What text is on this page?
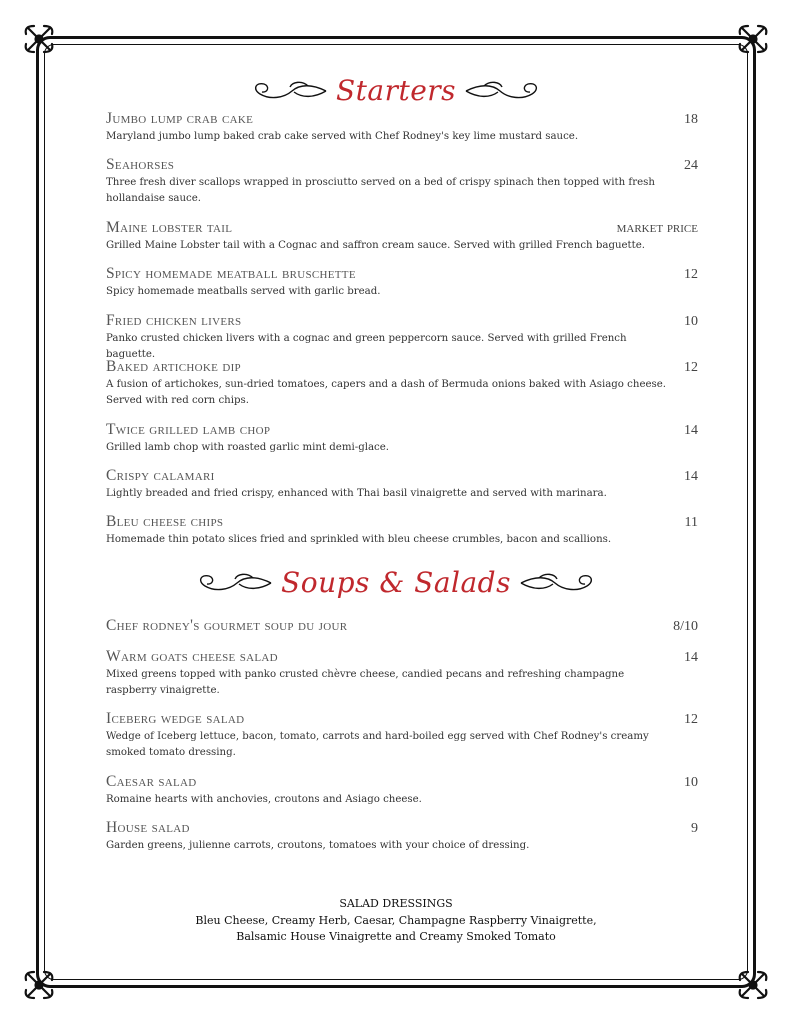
Starters
Jumbo lump crab cake	18
Maryland jumbo lump baked crab cake served with Chef Rodney's key lime mustard sauce.
Seahorses	24
Three fresh diver scallops wrapped in prosciutto served on a bed of crispy spinach then topped with fresh hollandaise sauce.
Maine lobster tail	market price
Grilled Maine Lobster tail with a Cognac and saffron cream sauce. Served with grilled French baguette.
Spicy homemade meatball bruschette	12
Spicy homemade meatballs served with garlic bread.
Fried chicken livers	10
Panko crusted chicken livers with a cognac and green peppercorn sauce. Served with grilled French baguette.
Baked artichoke dip	12
A fusion of artichokes, sun-dried tomatoes, capers and a dash of Bermuda onions baked with Asiago cheese. Served with red corn chips.
Twice grilled lamb chop	14
Grilled lamb chop with roasted garlic mint demi-glace.
Crispy calamari	14
Lightly breaded and fried crispy, enhanced with Thai basil vinaigrette and served with marinara.
Bleu cheese chips	11
Homemade thin potato slices fried and sprinkled with bleu cheese crumbles, bacon and scallions.
Soups & Salads
Chef rodney's gourmet soup du jour	8/10
Warm goats cheese salad	14
Mixed greens topped with panko crusted chèvre cheese, candied pecans and refreshing champagne raspberry vinaigrette.
Iceberg wedge salad	12
Wedge of Iceberg lettuce, bacon, tomato, carrots and hard-boiled egg served with Chef Rodney's creamy smoked tomato dressing.
Caesar salad	10
Romaine hearts with anchovies, croutons and Asiago cheese.
House salad	9
Garden greens, julienne carrots, croutons, tomatoes with your choice of dressing.
SALAD DRESSINGS
Bleu Cheese, Creamy Herb, Caesar, Champagne Raspberry Vinaigrette,
Balsamic House Vinaigrette and Creamy Smoked Tomato
